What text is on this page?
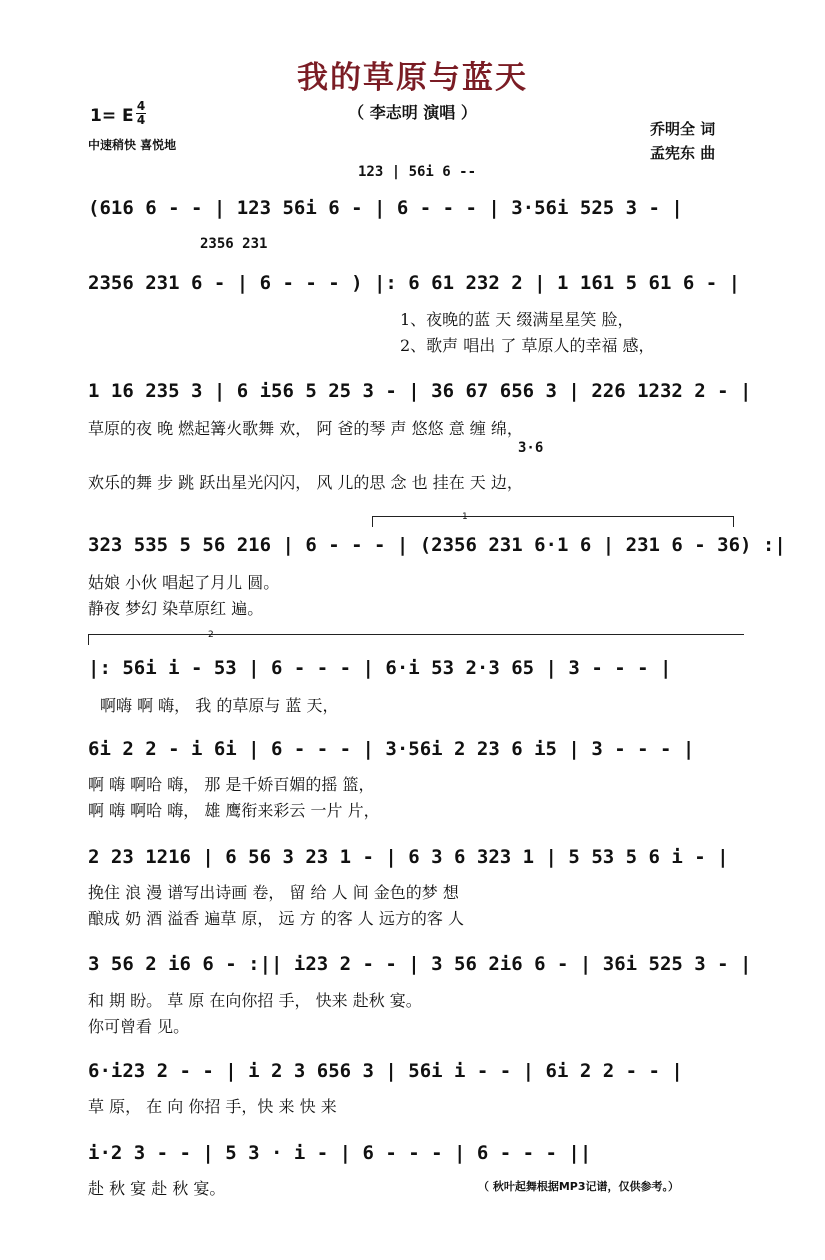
我的草原与蓝天
（ 李志明 演唱 ）
1= E 4
4
中速稍快 喜悦地
乔明全 词
孟宪东 曲
123 | 56i 6 --
2356 231
(616 6 - - | 123 56i 6 - | 6 - - - | 3·56i 525 3 - |
2356 231 6 - | 6 - - - ) |: 6 61 232 2 | 1 161 5 61 6 - |
1、夜晚的蓝 天 缀满星星笑 脸，
2、歌声 唱出 了 草原人的幸福 感，
1 16 235 3 | 6 i56 5 25 3 - | 36 67 656 3 | 226 1232 2 - |
草原的夜 晚 燃起篝火歌舞 欢， 阿 爸的琴 声 悠悠 意 缠 绵，
3·6
欢乐的舞 步 跳 跃出星光闪闪， 风 儿的思 念 也 挂在 天 边，
1
323 535 5 56 216 | 6 - - - | (2356 231 6·1 6 | 231 6 - 36) :|
姑娘 小伙 唱起了月儿 圆。
静夜 梦幻 染草原红 遍。
2
|: 56i i - 53 | 6 - - - | 6·i 53 2·3 65 | 3 - - - |
啊嗨 啊 嗨， 我 的草原与 蓝 天，
6i 2 2 - i 6i | 6 - - - | 3·56i 2 23 6 i5 | 3 - - - |
啊 嗨 啊哈 嗨， 那 是千娇百媚的摇 篮，
啊 嗨 啊哈 嗨， 雄 鹰衔来彩云 一片 片，
2 23 1216 | 6 56 3 23 1 - | 6 3 6 323 1 | 5 53 5 6 i - |
挽住 浪 漫 谱写出诗画 卷， 留 给 人 间 金色的梦 想
酿成 奶 酒 溢香 遍草 原， 远 方 的客 人 远方的客 人
3 56 2 i6 6 - :|| i23 2 - - | 3 56 2i6 6 - | 36i 525 3 - |
和 期 盼。 草 原 在向你招 手， 快来 赴秋 宴。
你可曾看 见。
6·i23 2 - - | i 2 3 656 3 | 56i i - - | 6i 2 2 - - |
草 原， 在 向 你招 手，快 来 快 来
i·2 3 - - | 5 3 · i - | 6 - - - | 6 - - - ||
赴 秋 宴 赴 秋 宴。	（ 秋叶起舞根据MP3记谱，仅供参考。）
